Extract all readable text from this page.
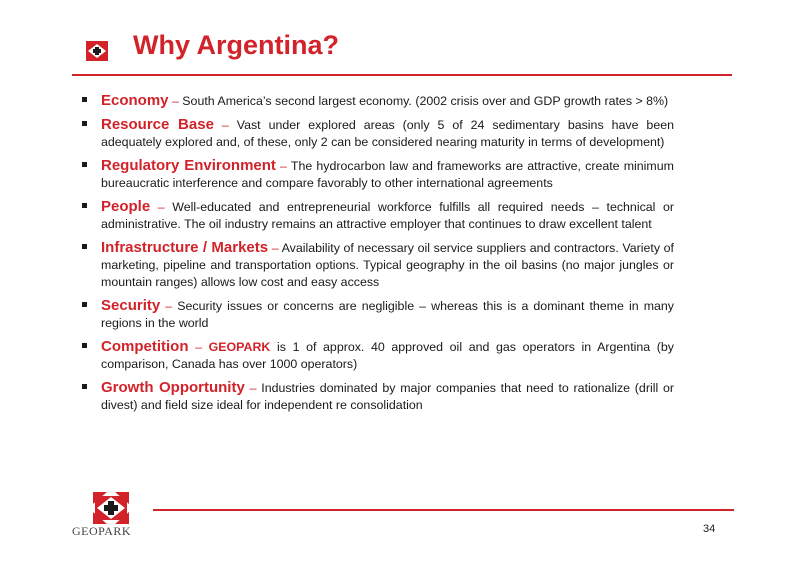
Why Argentina?
Economy – South America’s second largest economy. (2002 crisis over and GDP growth rates > 8%)
Resource Base – Vast under explored areas (only 5 of 24 sedimentary basins have been adequately explored and, of these, only 2 can be considered nearing maturity in terms of development)
Regulatory Environment – The hydrocarbon law and frameworks are attractive, create minimum bureaucratic interference and compare favorably to other international agreements
People – Well-educated and entrepreneurial workforce fulfills all required needs – technical or administrative. The oil industry remains an attractive employer that continues to draw excellent talent
Infrastructure / Markets – Availability of necessary oil service suppliers and contractors. Variety of marketing, pipeline and transportation options. Typical geography in the oil basins (no major jungles or mountain ranges) allows low cost and easy access
Security – Security issues or concerns are negligible – whereas this is a dominant theme in many regions in the world
Competition – GEOPARK is 1 of approx. 40 approved oil and gas operators in Argentina (by comparison, Canada has over 1000 operators)
Growth Opportunity – Industries dominated by major companies that need to rationalize (drill or divest) and field size ideal for independent re consolidation
GEOPARK	34
